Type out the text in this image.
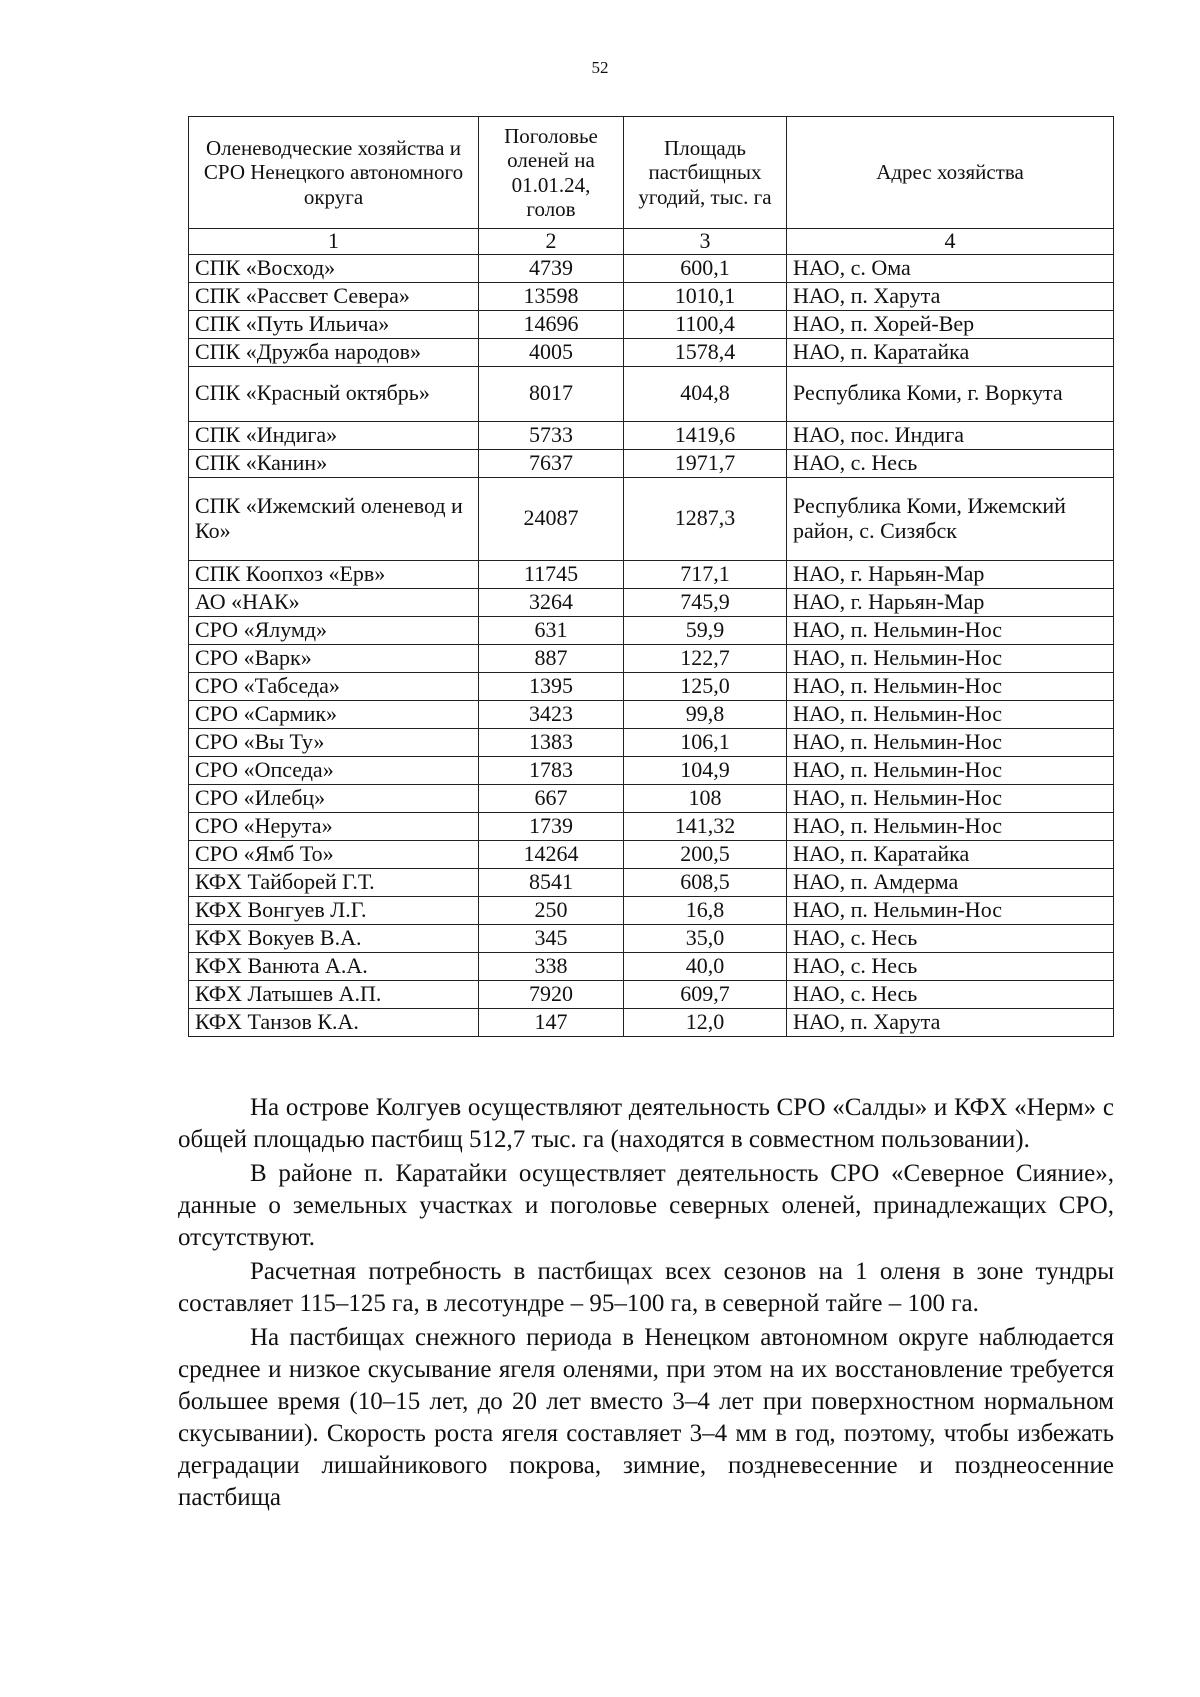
52
Оленеводческие хозяйства и СРО Ненецкого автономного округа	Поголовье оленей на 01.01.24, голов	Площадь пастбищных угодий, тыс. га	Адрес хозяйства
1	2	3	4
СПК «Восход»	4739	600,1	НАО, с. Ома
СПК «Рассвет Севера»	13598	1010,1	НАО, п. Харута
СПК «Путь Ильича»	14696	1100,4	НАО, п. Хорей-Вер
СПК «Дружба народов»	4005	1578,4	НАО, п. Каратайка
СПК «Красный октябрь»	8017	404,8	Республика Коми, г. Воркута
СПК «Индига»	5733	1419,6	НАО, пос. Индига
СПК «Канин»	7637	1971,7	НАО, с. Несь
СПК «Ижемский оленевод и Ко»	24087	1287,3	Республика Коми, Ижемский район, с. Сизябск
СПК Коопхоз «Ерв»	11745	717,1	НАО, г. Нарьян-Мар
АО «НАК»	3264	745,9	НАО, г. Нарьян-Мар
СРО «Ялумд»	631	59,9	НАО, п. Нельмин-Нос
СРО «Варк»	887	122,7	НАО, п. Нельмин-Нос
СРО «Табседа»	1395	125,0	НАО, п. Нельмин-Нос
СРО «Сармик»	3423	99,8	НАО, п. Нельмин-Нос
СРО «Вы Ту»	1383	106,1	НАО, п. Нельмин-Нос
СРО «Опседа»	1783	104,9	НАО, п. Нельмин-Нос
СРО «Илебц»	667	108	НАО, п. Нельмин-Нос
СРО «Нерута»	1739	141,32	НАО, п. Нельмин-Нос
СРО «Ямб То»	14264	200,5	НАО, п. Каратайка
КФХ Тайборей Г.Т.	8541	608,5	НАО, п. Амдерма
КФХ Вонгуев Л.Г.	250	16,8	НАО, п. Нельмин-Нос
КФХ Вокуев В.А.	345	35,0	НАО, с. Несь
КФХ Ванюта А.А.	338	40,0	НАО, с. Несь
КФХ Латышев А.П.	7920	609,7	НАО, с. Несь
КФХ Танзов К.А.	147	12,0	НАО, п. Харута

На острове Колгуев осуществляют деятельность СРО «Салды» и КФХ «Нерм» с общей площадью пастбищ 512,7 тыс. га (находятся в совместном пользовании).

В районе п. Каратайки осуществляет деятельность СРО «Северное Сияние», данные о земельных участках и поголовье северных оленей, принадлежащих СРО, отсутствуют.

Расчетная потребность в пастбищах всех сезонов на 1 оленя в зоне тундры составляет 115–125 га, в лесотундре – 95–100 га, в северной тайге – 100 га.

На пастбищах снежного периода в Ненецком автономном округе наблюдается среднее и низкое скусывание ягеля оленями, при этом на их восстановление требуется большее время (10–15 лет, до 20 лет вместо 3–4 лет при поверхностном нормальном скусывании). Скорость роста ягеля составляет 3–4 мм в год, поэтому, чтобы избежать деградации лишайникового покрова, зимние, поздневесенние и позднеосенние пастбища
